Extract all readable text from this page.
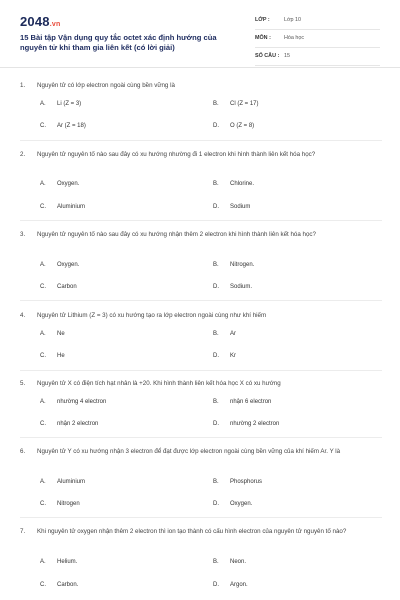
2048.vn
15 Bài tập Vận dụng quy tắc octet xác định hướng của nguyên tử khi tham gia liên kết (có lời giải)
LỚP :	Lớp 10
MÔN : Hóa học
SỐ CÂU : 15
1. Nguyên tử có lớp electron ngoài cùng bền vững là
A. Li (Z = 3)	B. Cl (Z = 17)
C. Ar (Z = 18)	D. O (Z = 8)
2. Nguyên tử nguyên tố nào sau đây có xu hướng nhường đi 1 electron khi hình thành liên kết hóa học?
A. Oxygen.	B. Chlorine.
C. Aluminium	D. Sodium
3. Nguyên tử nguyên tố nào sau đây có xu hướng nhận thêm 2 electron khi hình thành liên kết hóa học?
A. Oxygen.	B. Nitrogen.
C. Carbon	D. Sodium.
4. Nguyên tử Lithium (Z = 3) có xu hướng tạo ra lớp electron ngoài cùng như khí hiếm
A. Ne	B. Ar
C. He	D. Kr
5. Nguyên tử X có điện tích hạt nhân là +20. Khi hình thành liên kết hóa học X có xu hướng
A. nhường 4 electron	B. nhận 6 electron
C. nhận 2 electron	D. nhường 2 electron
6. Nguyên tử Y có xu hướng nhận 3 electron để đạt được lớp electron ngoài cùng bền vững của khí hiếm Ar. Y là
A. Aluminium	B. Phosphorus
C. Nitrogen	D. Oxygen.
7. Khi nguyên tử oxygen nhận thêm 2 electron thì ion tạo thành có cấu hình electron của nguyên tử nguyên tố nào?
A. Helium.	B. Neon.
C. Carbon.	D. Argon.
